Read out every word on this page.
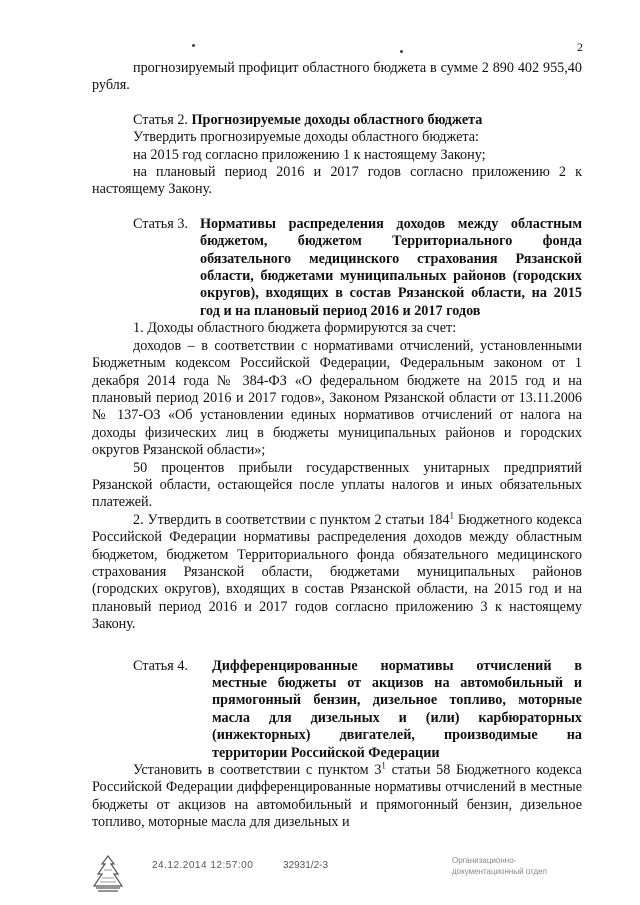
2

прогнозируемый профицит областного бюджета в сумме 2 890 402 955,40 рубля.

Статья 2. Прогнозируемые доходы областного бюджета

Утвердить прогнозируемые доходы областного бюджета:

на 2015 год согласно приложению 1 к настоящему Закону;

на плановый период 2016 и 2017 годов согласно приложению 2 к настоящему Закону.

Статья 3. Нормативы распределения доходов между областным бюджетом, бюджетом Территориального фонда обязательного медицинского страхования Рязанской области, бюджетами муниципальных районов (городских округов), входящих в состав Рязанской области, на 2015 год и на плановый период 2016 и 2017 годов

1. Доходы областного бюджета формируются за счет:

доходов – в соответствии с нормативами отчислений, установленными Бюджетным кодексом Российской Федерации, Федеральным законом от 1 декабря 2014 года № 384-ФЗ «О федеральном бюджете на 2015 год и на плановый период 2016 и 2017 годов», Законом Рязанской области от 13.11.2006 № 137-ОЗ «Об установлении единых нормативов отчислений от налога на доходы физических лиц в бюджеты муниципальных районов и городских округов Рязанской области»;

50 процентов прибыли государственных унитарных предприятий Рязанской области, остающейся после уплаты налогов и иных обязательных платежей.

2. Утвердить в соответствии с пунктом 2 статьи $184^1$ Бюджетного кодекса Российской Федерации нормативы распределения доходов между областным бюджетом, бюджетом Территориального фонда обязательного медицинского страхования Рязанской области, бюджетами муниципальных районов (городских округов), входящих в состав Рязанской области, на 2015 год и на плановый период 2016 и 2017 годов согласно приложению 3 к настоящему Закону.

Статья 4. Дифференцированные нормативы отчислений в местные бюджеты от акцизов на автомобильный и прямогонный бензин, дизельное топливо, моторные масла для дизельных и (или) карбюраторных (инжекторных) двигателей, производимые на территории Российской Федерации

Установить в соответствии с пунктом $3^1$ статьи 58 Бюджетного кодекса Российской Федерации дифференцированные нормативы отчислений в местные бюджеты от акцизов на автомобильный и прямогонный бензин, дизельное топливо, моторные масла для дизельных и

24.12.2014 12:57:00	32931/2-3	Организационно-
документационный отдел
